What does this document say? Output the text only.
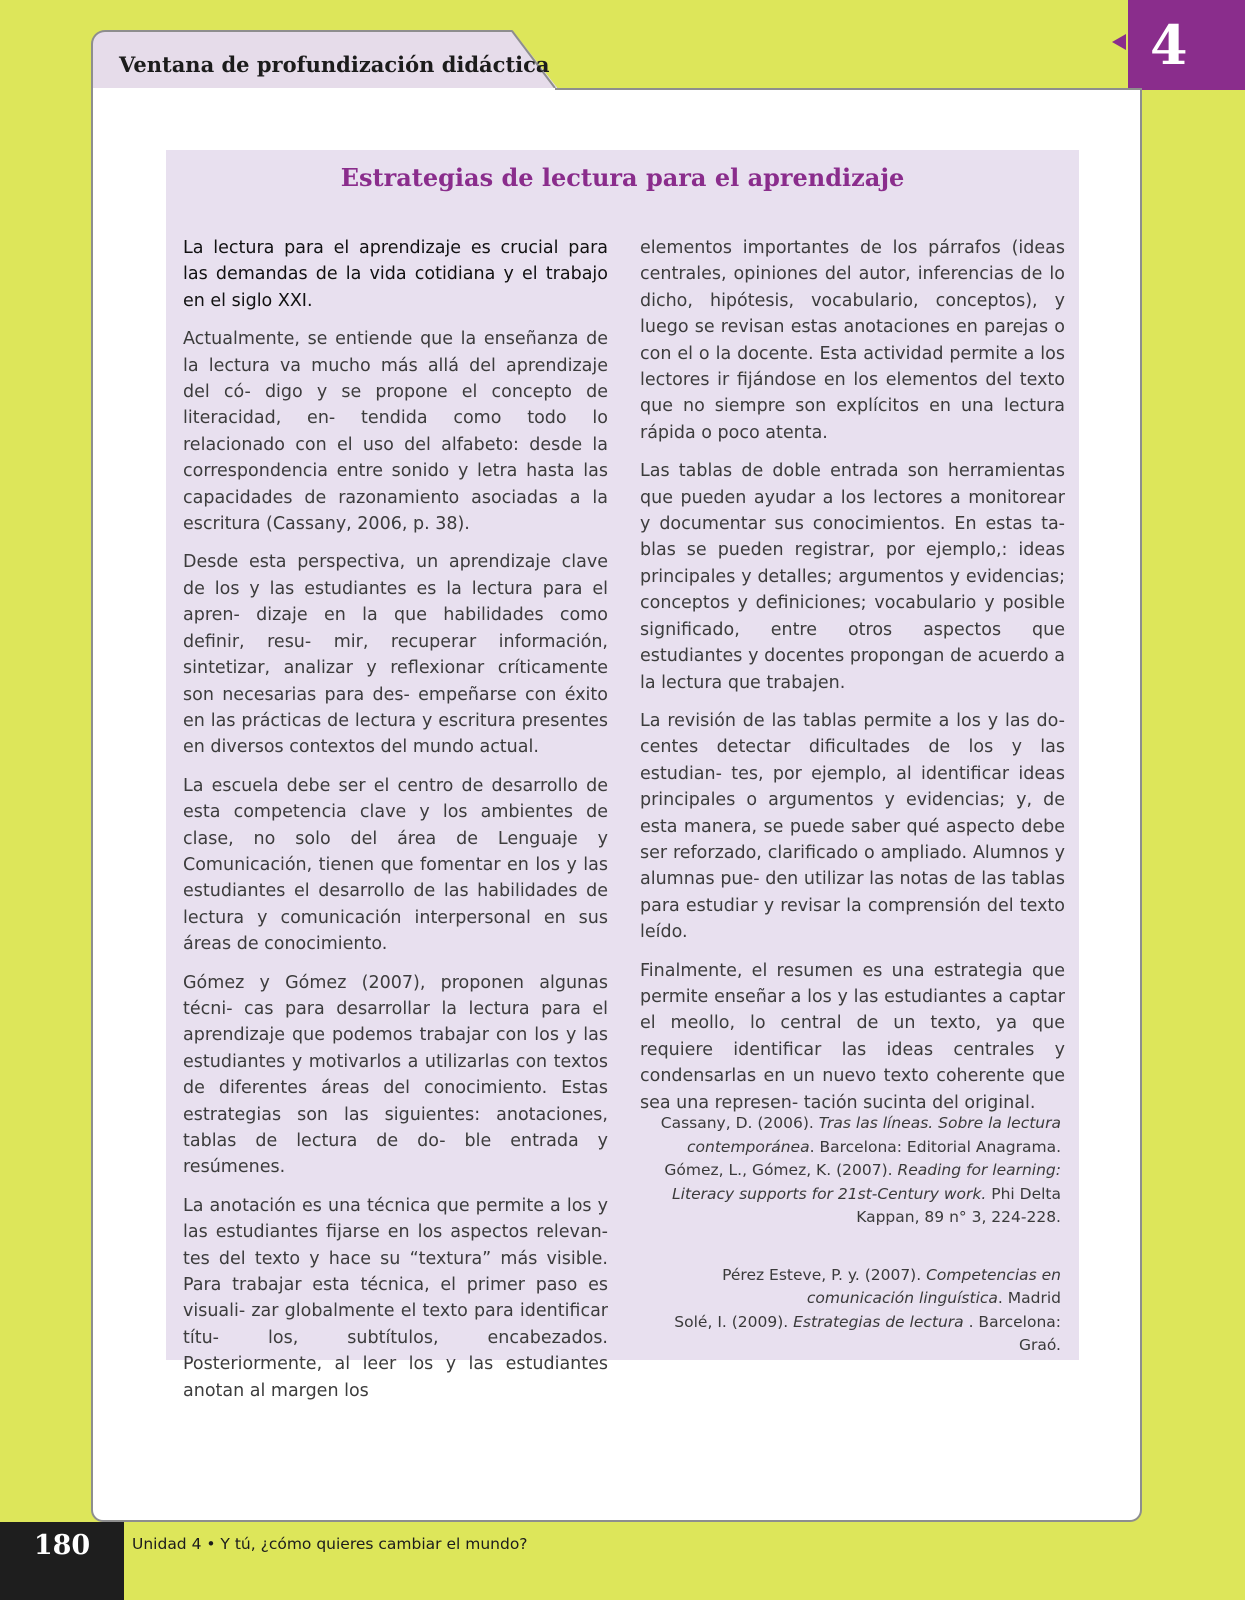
Ventana de profundización didáctica	4
Estrategias de lectura para el aprendizaje

La lectura para el aprendizaje es crucial para las demandas de la vida cotidiana y el trabajo en el siglo XXI.

Actualmente, se entiende que la enseñanza de la lectura va mucho más allá del aprendizaje del có- digo y se propone el concepto de literacidad, en- tendida como todo lo relacionado con el uso del alfabeto: desde la correspondencia entre sonido y letra hasta las capacidades de razonamiento asociadas a la escritura (Cassany, 2006, p. 38).

Desde esta perspectiva, un aprendizaje clave de los y las estudiantes es la lectura para el apren- dizaje en la que habilidades como definir, resu- mir, recuperar información, sintetizar, analizar y reflexionar críticamente son necesarias para des- empeñarse con éxito en las prácticas de lectura y escritura presentes en diversos contextos del mundo actual.

La escuela debe ser el centro de desarrollo de esta competencia clave y los ambientes de clase, no solo del área de Lenguaje y Comunicación, tienen que fomentar en los y las estudiantes el desarrollo de las habilidades de lectura y comunicación interpersonal en sus áreas de conocimiento.

Gómez y Gómez (2007), proponen algunas técni- cas para desarrollar la lectura para el aprendizaje que podemos trabajar con los y las estudiantes y motivarlos a utilizarlas con textos de diferentes áreas del conocimiento. Estas estrategias son las siguientes: anotaciones, tablas de lectura de do- ble entrada y resúmenes.

La anotación es una técnica que permite a los y las estudiantes fijarse en los aspectos relevan- tes del texto y hace su “textura” más visible. Para trabajar esta técnica, el primer paso es visuali- zar globalmente el texto para identificar títu- los, subtítulos, encabezados. Posteriormente, al leer los y las estudiantes anotan al margen los

elementos importantes de los párrafos (ideas centrales, opiniones del autor, inferencias de lo dicho, hipótesis, vocabulario, conceptos), y luego se revisan estas anotaciones en parejas o con el o la docente. Esta actividad permite a los lectores ir fijándose en los elementos del texto que no siempre son explícitos en una lectura rápida o poco atenta.

Las tablas de doble entrada son herramientas que pueden ayudar a los lectores a monitorear y documentar sus conocimientos. En estas ta- blas se pueden registrar, por ejemplo,: ideas principales y detalles; argumentos y evidencias; conceptos y definiciones; vocabulario y posible significado, entre otros aspectos que estudiantes y docentes propongan de acuerdo a la lectura que trabajen.

La revisión de las tablas permite a los y las do- centes detectar dificultades de los y las estudian- tes, por ejemplo, al identificar ideas principales o argumentos y evidencias; y, de esta manera, se puede saber qué aspecto debe ser reforzado, clarificado o ampliado. Alumnos y alumnas pue- den utilizar las notas de las tablas para estudiar y revisar la comprensión del texto leído.

Finalmente, el resumen es una estrategia que permite enseñar a los y las estudiantes a captar el meollo, lo central de un texto, ya que requiere identificar las ideas centrales y condensarlas en un nuevo texto coherente que sea una represen- tación sucinta del original.

Cassany, D. (2006). Tras las líneas. Sobre la lectura contemporánea. Barcelona: Editorial Anagrama.

Gómez, L., Gómez, K. (2007). Reading for learning: Literacy supports for 21st-Century work. Phi Delta Kappan, 89 n° 3, 224-228.

Pérez Esteve, P. y. (2007). Competencias en comunicación linguística. Madrid

Solé, I. (2009). Estrategias de lectura . Barcelona: Graó.

180	Unidad 4 • Y tú, ¿cómo quieres cambiar el mundo?
